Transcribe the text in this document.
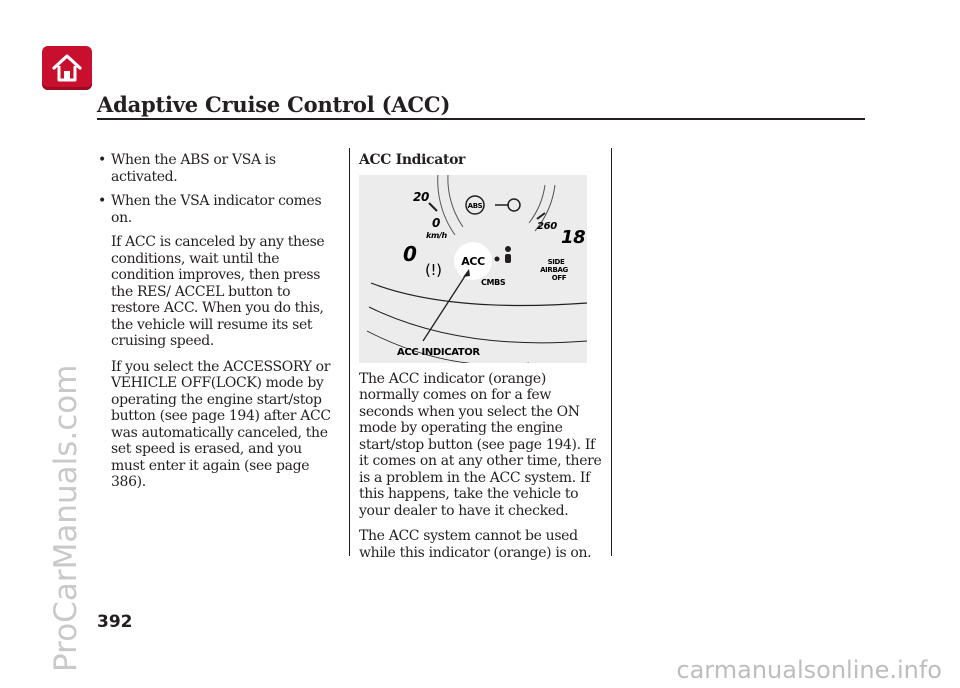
Adaptive Cruise Control (ACC)
• When the ABS or VSA is activated.
• When the VSA indicator comes on.

If ACC is canceled by any these conditions, wait until the condition improves, then press the RES/ ACCEL button to restore ACC. When you do this, the vehicle will resume its set cruising speed.

If you select the ACCESSORY or VEHICLE OFF(LOCK) mode by operating the engine start/stop button (see page 194) after ACC was automatically canceled, the set speed is erased, and you must enter it again (see page 386).

ACC Indicator
ABS
20
0
km/h
260
0
18
(!) ACC
CMBS
SIDE
AIRBAG
OFF
ACC INDICATOR

The ACC indicator (orange) normally comes on for a few seconds when you select the ON mode by operating the engine start/stop button (see page 194). If it comes on at any other time, there is a problem in the ACC system. If this happens, take the vehicle to your dealer to have it checked.

The ACC system cannot be used while this indicator (orange) is on.

392
ProCarManuals.com	carmanualsonline.info
